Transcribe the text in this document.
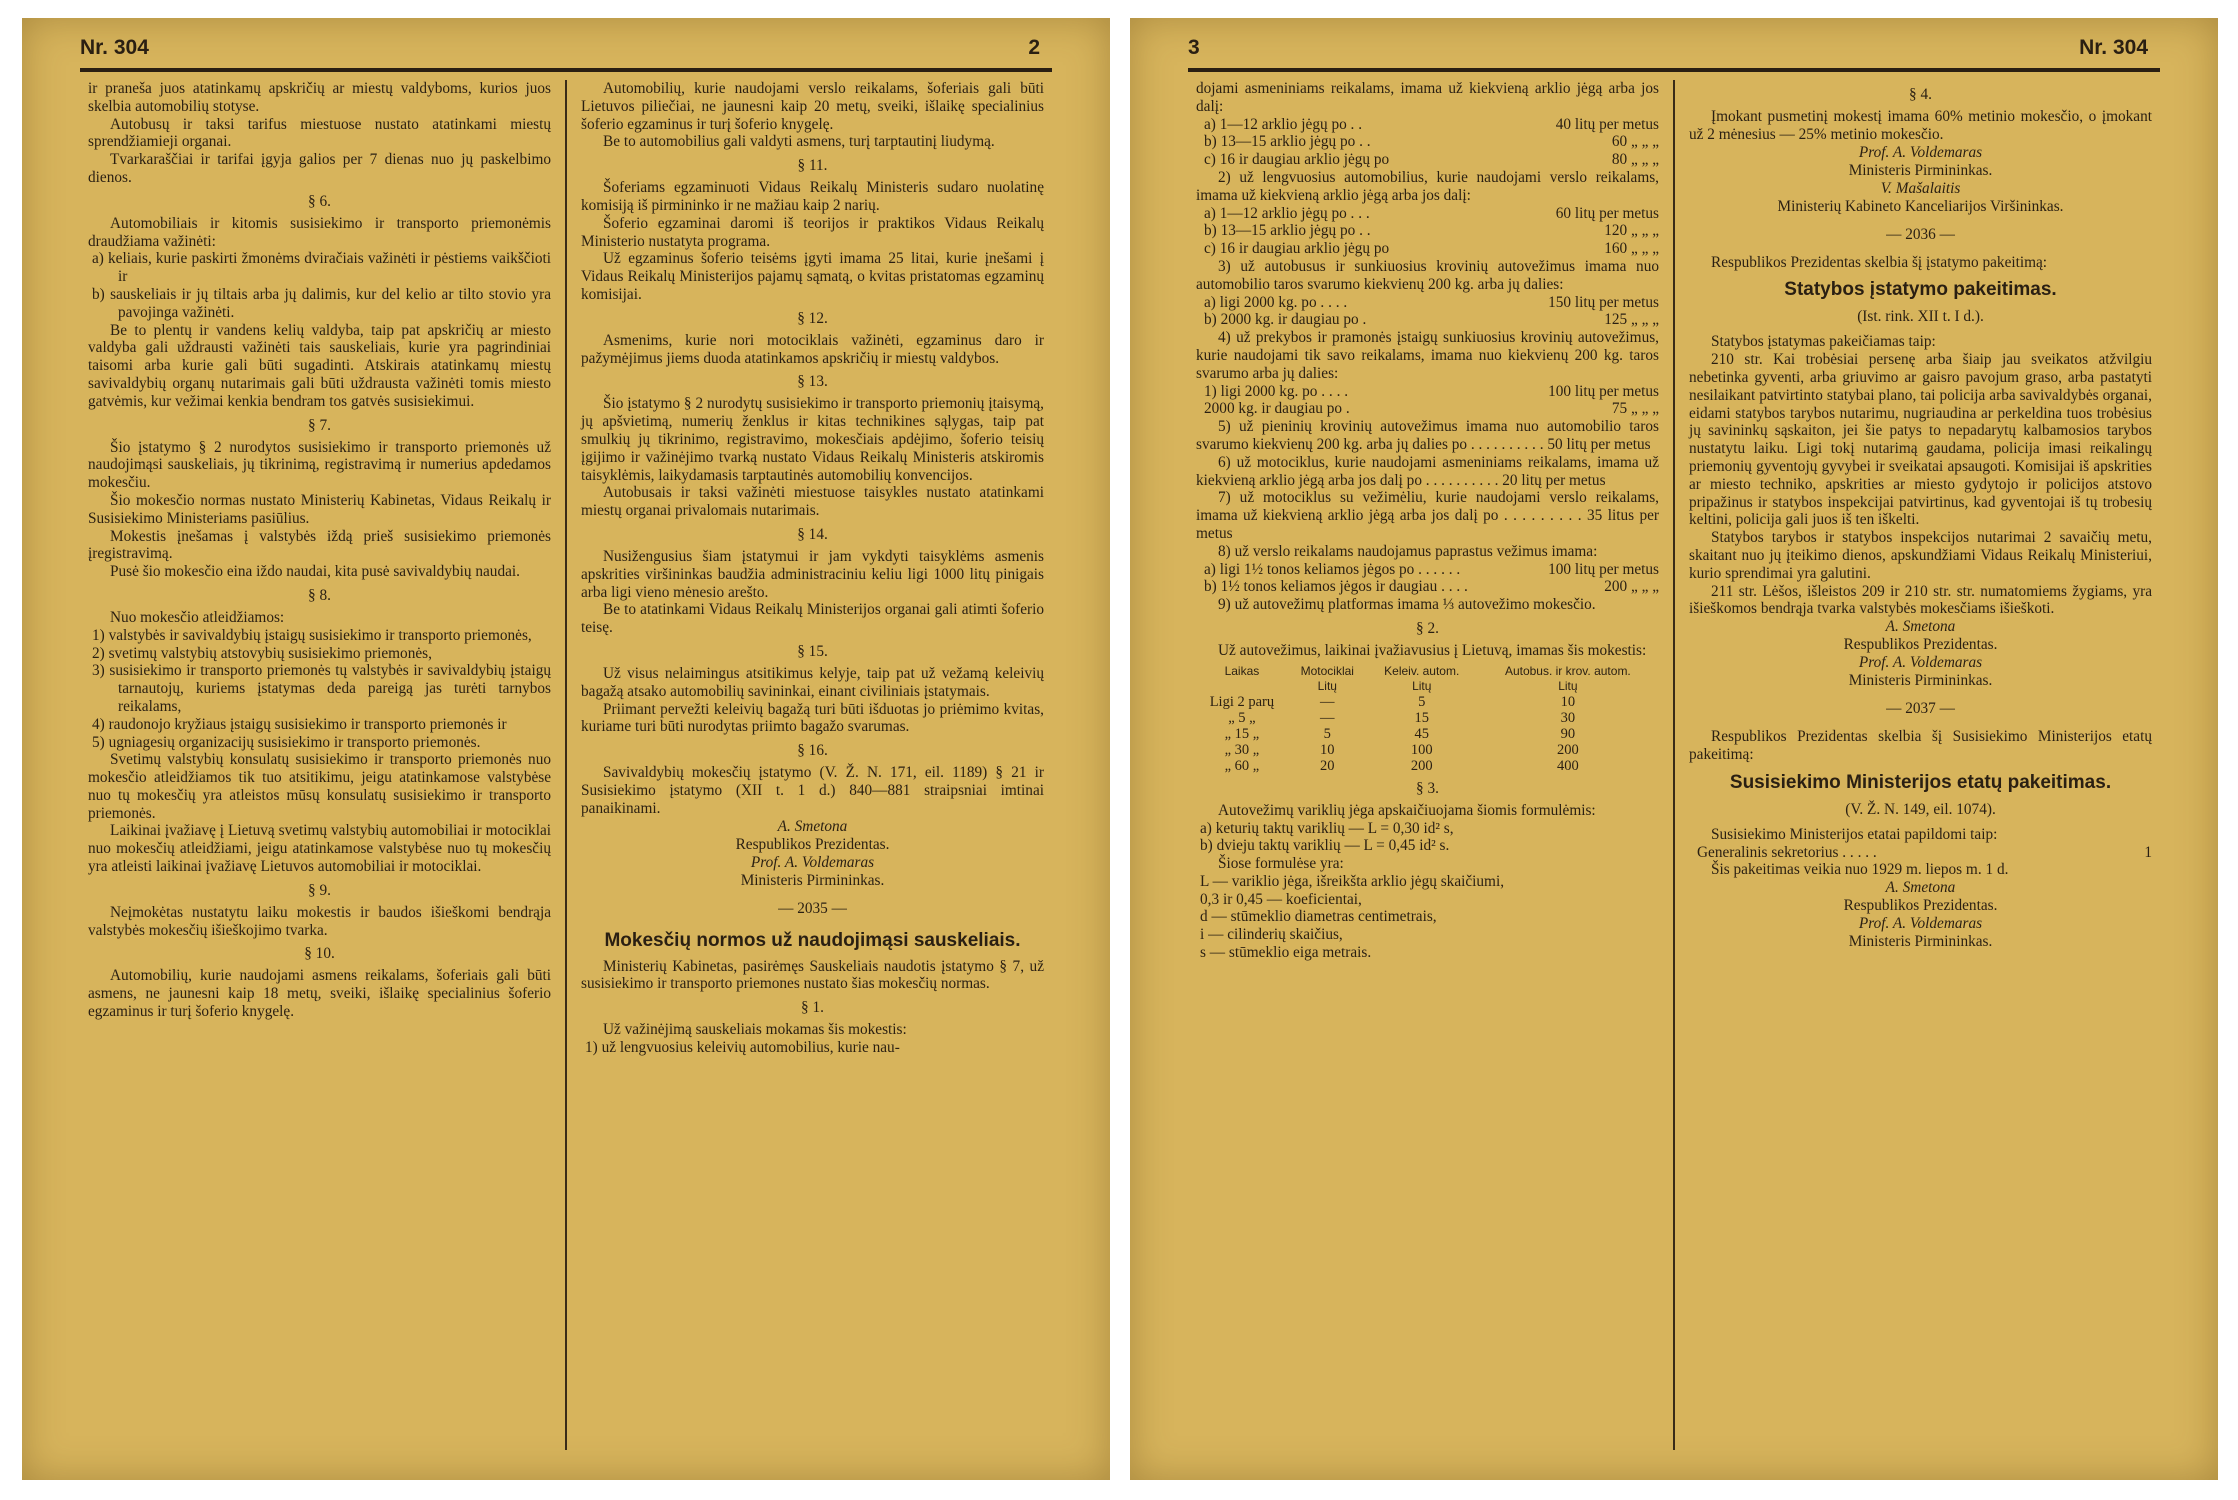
Nr. 304	2

ir praneša juos atatinkamų apskričių ar miestų valdyboms, kurios juos skelbia automobilių stotyse.

Autobusų ir taksi tarifus miestuose nustato atatinkami miestų sprendžiamieji organai.

Tvarkaraščiai ir tarifai įgyja galios per 7 dienas nuo jų paskelbimo dienos.

§ 6.

Automobiliais ir kitomis susisiekimo ir transporto priemonėmis draudžiama važinėti:

a) keliais, kurie paskirti žmonėms dviračiais važinėti ir pėstiems vaikščioti ir
b) sauskeliais ir jų tiltais arba jų dalimis, kur del kelio ar tilto stovio yra pavojinga važinėti.

Be to plentų ir vandens kelių valdyba, taip pat apskričių ar miesto valdyba gali uždrausti važinėti tais sauskeliais, kurie yra pagrindiniai taisomi arba kurie gali būti sugadinti. Atskirais atatinkamų miestų savivaldybių organų nutarimais gali būti uždrausta važinėti tomis miesto gatvėmis, kur vežimai kenkia bendram tos gatvės susisiekimui.

§ 7.

Šio įstatymo § 2 nurodytos susisiekimo ir transporto priemonės už naudojimąsi sauskeliais, jų tikrinimą, registravimą ir numerius apdedamos mokesčiu.

Šio mokesčio normas nustato Ministerių Kabinetas, Vidaus Reikalų ir Susisiekimo Ministeriams pasiūlius.

Mokestis įnešamas į valstybės iždą prieš susisiekimo priemonės įregistravimą.

Pusė šio mokesčio eina iždo naudai, kita pusė savivaldybių naudai.

§ 8.

Nuo mokesčio atleidžiamos:

1) valstybės ir savivaldybių įstaigų susisiekimo ir transporto priemonės,
2) svetimų valstybių atstovybių susisiekimo priemonės,
3) susisiekimo ir transporto priemonės tų valstybės ir savivaldybių įstaigų tarnautojų, kuriems įstatymas deda pareigą jas turėti tarnybos reikalams,
4) raudonojo kryžiaus įstaigų susisiekimo ir transporto priemonės ir
5) ugniagesių organizacijų susisiekimo ir transporto priemonės.

Svetimų valstybių konsulatų susisiekimo ir transporto priemonės nuo mokesčio atleidžiamos tik tuo atsitikimu, jeigu atatinkamose valstybėse nuo tų mokesčių yra atleistos mūsų konsulatų susisiekimo ir transporto priemonės.

Laikinai įvažiavę į Lietuvą svetimų valstybių automobiliai ir motociklai nuo mokesčių atleidžiami, jeigu atatinkamose valstybėse nuo tų mokesčių yra atleisti laikinai įvažiavę Lietuvos automobiliai ir motociklai.

§ 9.

Neįmokėtas nustatytu laiku mokestis ir baudos išieškomi bendrąja valstybės mokesčių išieškojimo tvarka.

§ 10.

Automobilių, kurie naudojami asmens reikalams, šoferiais gali būti asmens, ne jaunesni kaip 18 metų, sveiki, išlaikę specialinius šoferio egzaminus ir turį šoferio knygelę.

Automobilių, kurie naudojami verslo reikalams, šoferiais gali būti Lietuvos piliečiai, ne jaunesni kaip 20 metų, sveiki, išlaikę specialinius šoferio egzaminus ir turį šoferio knygelę.

Be to automobilius gali valdyti asmens, turį tarptautinį liudymą.

§ 11.

Šoferiams egzaminuoti Vidaus Reikalų Ministeris sudaro nuolatinę komisiją iš pirmininko ir ne mažiau kaip 2 narių.

Šoferio egzaminai daromi iš teorijos ir praktikos Vidaus Reikalų Ministerio nustatyta programa.

Už egzaminus šoferio teisėms įgyti imama 25 litai, kurie įnešami į Vidaus Reikalų Ministerijos pajamų sąmatą, o kvitas pristatomas egzaminų komisijai.

§ 12.

Asmenims, kurie nori motociklais važinėti, egzaminus daro ir pažymėjimus jiems duoda atatinkamos apskričių ir miestų valdybos.

§ 13.

Šio įstatymo § 2 nurodytų susisiekimo ir transporto priemonių įtaisymą, jų apšvietimą, numerių ženklus ir kitas technikines sąlygas, taip pat smulkių jų tikrinimo, registravimo, mokesčiais apdėjimo, šoferio teisių įgijimo ir važinėjimo tvarką nustato Vidaus Reikalų Ministeris atskiromis taisyklėmis, laikydamasis tarptautinės automobilių konvencijos.

Autobusais ir taksi važinėti miestuose taisykles nustato atatinkami miestų organai privalomais nutarimais.

§ 14.

Nusižengusius šiam įstatymui ir jam vykdyti taisyklėms asmenis apskrities viršininkas baudžia administraciniu keliu ligi 1000 litų pinigais arba ligi vieno mėnesio arešto.

Be to atatinkami Vidaus Reikalų Ministerijos organai gali atimti šoferio teisę.

§ 15.

Už visus nelaimingus atsitikimus kelyje, taip pat už vežamą keleivių bagažą atsako automobilių savininkai, einant civiliniais įstatymais.

Priimant pervežti keleivių bagažą turi būti išduotas jo priėmimo kvitas, kuriame turi būti nurodytas priimto bagažo svarumas.

§ 16.

Savivaldybių mokesčių įstatymo (V. Ž. N. 171, eil. 1189) § 21 ir Susisiekimo įstatymo (XII t. 1 d.) 840—881 straipsniai imtinai panaikinami.

A. Smetona
Respublikos Prezidentas.
Prof. A. Voldemaras
Ministeris Pirmininkas.
— 2035 —
Mokesčių normos už naudojimąsi sauskeliais.

Ministerių Kabinetas, pasirėmęs Sauskeliais naudotis įstatymo § 7, už susisiekimo ir transporto priemones nustato šias mokesčių normas.

§ 1.

Už važinėjimą sauskeliais mokamas šis mokestis:

1) už lengvuosius keleivių automobilius, kurie nau-
3	Nr. 304

dojami asmeniniams reikalams, imama už kiekvieną arklio jėgą arba jos dalį:

a) 1—12 arklio jėgų po . .	40 litų per metus
b) 13—15 arklio jėgų po . .	60 „ „ „
c) 16 ir daugiau arklio jėgų po	80 „ „ „

2) už lengvuosius automobilius, kurie naudojami verslo reikalams, imama už kiekvieną arklio jėgą arba jos dalį:

a) 1—12 arklio jėgų po . . .	60 litų per metus
b) 13—15 arklio jėgų po . .	120 „ „ „
c) 16 ir daugiau arklio jėgų po	160 „ „ „

3) už autobusus ir sunkiuosius krovinių autovežimus imama nuo automobilio taros svarumo kiekvienų 200 kg. arba jų dalies:

a) ligi 2000 kg. po . . . .	150 litų per metus
b) 2000 kg. ir daugiau po .	125 „ „ „

4) už prekybos ir pramonės įstaigų sunkiuosius krovinių autovežimus, kurie naudojami tik savo reikalams, imama nuo kiekvienų 200 kg. taros svarumo arba jų dalies:

1) ligi 2000 kg. po . . . .	100 litų per metus
2000 kg. ir daugiau po .	75 „ „ „

5) už pieninių krovinių autovežimus imama nuo automobilio taros svarumo kiekvienų 200 kg. arba jų dalies po . . . . . . . . . . 50 litų per metus

6) už motociklus, kurie naudojami asmeniniams reikalams, imama už kiekvieną arklio jėgą arba jos dalį po . . . . . . . . . . 20 litų per metus

7) už motociklus su vežimėliu, kurie naudojami verslo reikalams, imama už kiekvieną arklio jėgą arba jos dalį po . . . . . . . . . 35 litus per metus

8) už verslo reikalams naudojamus paprastus vežimus imama:

a) ligi 1½ tonos keliamos jėgos po . . . . . .	100 litų per metus
b) 1½ tonos keliamos jėgos ir daugiau . . . .	200 „ „ „

9) už autovežimų platformas imama ⅓ autovežimo mokesčio.

§ 2.

Už autovežimus, laikinai įvažiavusius į Lietuvą, imamas šis mokestis:

Laikas	Motociklai	Keleiv. autom.	Autobus. ir krov. autom.
	Litų	Litų	Litų
Ligi 2 parų	—	5	10
„ 5 „	—	15	30
„ 15 „	5	45	90
„ 30 „	10	100	200
„ 60 „	20	200	400
§ 3.

Autovežimų variklių jėga apskaičiuojama šiomis formulėmis:

a) keturių taktų variklių — L = 0,30 id² s,
b) dvieju taktų variklių — L = 0,45 id² s.

Šiose formulėse yra:

L — variklio jėga, išreikšta arklio jėgų skaičiumi,
0,3 ir 0,45 — koeficientai,
d — stūmeklio diametras centimetrais,
i — cilinderių skaičius,
s — stūmeklio eiga metrais.
§ 4.

Įmokant pusmetinį mokestį imama 60% metinio mokesčio, o įmokant už 2 mėnesius — 25% metinio mokesčio.

Prof. A. Voldemaras
Ministeris Pirmininkas.
V. Mašalaitis
Ministerių Kabineto Kanceliarijos Viršininkas.
— 2036 —

Respublikos Prezidentas skelbia šį įstatymo pakeitimą:

Statybos įstatymo pakeitimas.
(Ist. rink. XII t. I d.).

Statybos įstatymas pakeičiamas taip:

210 str. Kai trobėsiai persenę arba šiaip jau sveikatos atžvilgiu nebetinka gyventi, arba griuvimo ar gaisro pavojum graso, arba pastatyti nesilaikant patvirtinto statybai plano, tai policija arba savivaldybės organai, eidami statybos tarybos nutarimu, nugriaudina ar perkeldina tuos trobėsius jų savininkų sąskaiton, jei šie patys to nepadarytų kalbamosios tarybos nustatytu laiku. Ligi tokį nutarimą gaudama, policija imasi reikalingų priemonių gyventojų gyvybei ir sveikatai apsaugoti. Komisijai iš apskrities ar miesto techniko, apskrities ar miesto gydytojo ir policijos atstovo pripažinus ir statybos inspekcijai patvirtinus, kad gyventojai iš tų trobesių keltini, policija gali juos iš ten iškelti.

Statybos tarybos ir statybos inspekcijos nutarimai 2 savaičių metu, skaitant nuo jų įteikimo dienos, apskundžiami Vidaus Reikalų Ministeriui, kurio sprendimai yra galutini.

211 str. Lėšos, išleistos 209 ir 210 str. str. numatomiems žygiams, yra išieškomos bendrąja tvarka valstybės mokesčiams išieškoti.

A. Smetona
Respublikos Prezidentas.
Prof. A. Voldemaras
Ministeris Pirmininkas.
— 2037 —

Respublikos Prezidentas skelbia šį Susisiekimo Ministerijos etatų pakeitimą:

Susisiekimo Ministerijos etatų pakeitimas.
(V. Ž. N. 149, eil. 1074).

Susisiekimo Ministerijos etatai papildomi taip:

Generalinis sekretorius . . . . .	1

Šis pakeitimas veikia nuo 1929 m. liepos m. 1 d.

A. Smetona
Respublikos Prezidentas.
Prof. A. Voldemaras
Ministeris Pirmininkas.
